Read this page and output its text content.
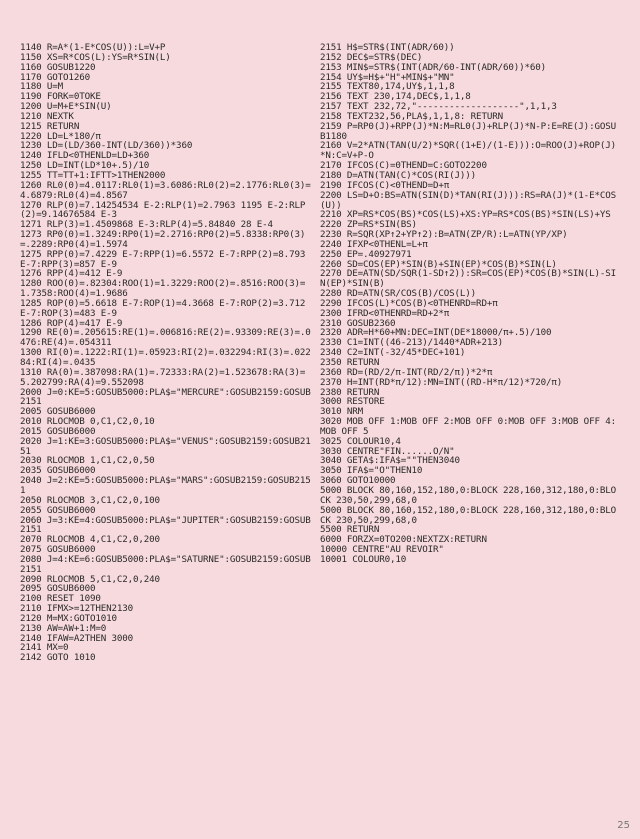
1140 R=A*(1-E*COS(U)):L=V+P
1150 XS=R*COS(L):YS=R*SIN(L)
1160 GOSUB1220
1170 GOTO1260
1180 U=M
1190 FORK=0TOKE
1200 U=M+E*SIN(U)
1210 NEXTK
1215 RETURN
1220 LD=L*180/π
1230 LD=(LD/360-INT(LD/360))*360
1240 IFLD<0THENLD=LD+360
1250 LD=INT(LD*10+.5)/10
1255 TT=TT+1:IFTT>1THEN2000
1260 RL0(0)=4.0117:RL0(1)=3.6086:RL0(2)=2.1776:RL0(3)=4.6879:RL0(4)=4.8567
1270 RLP(0)=7.14254534 E-2:RLP(1)=2.7963 1195 E-2:RLP(2)=9.14676584 E-3
1271 RLP(3)=1.4509868 E-3:RLP(4)=5.84840 28 E-4
1273 RP0(0)=1.3249:RP0(1)=2.2716:RP0(2)=5.8338:RP0(3)=.2289:RP0(4)=1.5974
1275 RPP(0)=7.4229 E-7:RPP(1)=6.5572 E-7:RPP(2)=8.793 E-7:RPP(3)=857 E-9
1276 RPP(4)=412 E-9
1280 ROO(0)=.82304:ROO(1)=1.3229:ROO(2)=.8516:ROO(3)=1.7358:ROO(4)=1.9686
1285 ROP(0)=5.6618 E-7:ROP(1)=4.3668 E-7:ROP(2)=3.712 E-7:ROP(3)=483 E-9
1286 ROP(4)=417 E-9
1290 RE(0)=.205615:RE(1)=.006816:RE(2)=.93309:RE(3)=.0476:RE(4)=.054311
1300 RI(0)=.1222:RI(1)=.05923:RI(2)=.032294:RI(3)=.02284:RI(4)=.0435
1310 RA(0)=.387098:RA(1)=.72333:RA(2)=1.523678:RA(3)=5.202799:RA(4)=9.552098
2000 J=0:KE=5:GOSUB5000:PLA$="MERCURE":GOSUB2159:GOSUB2151
2005 GOSUB6000
2010 RLOCMOB 0,C1,C2,0,10
2015 GOSUB6000
2020 J=1:KE=3:GOSUB5000:PLA$="VENUS":GOSUB2159:GOSUB2151
2030 RLOCMOB 1,C1,C2,0,50
2035 GOSUB6000
2040 J=2:KE=5:GOSUB5000:PLA$="MARS":GOSUB2159:GOSUB2151
2050 RLOCMOB 3,C1,C2,0,100
2055 GOSUB6000
2060 J=3:KE=4:GOSUB5000:PLA$="JUPITER":GOSUB2159:GOSUB2151
2070 RLOCMOB 4,C1,C2,0,200
2075 GOSUB6000
2080 J=4:KE=6:GOSUB5000:PLA$="SATURNE":GOSUB2159:GOSUB2151
2090 RLOCMOB 5,C1,C2,0,240
2095 GOSUB6000
2100 RESET 1090
2110 IFMX>=12THEN2130
2120 M=MX:GOTO1010
2130 AW=AW+1:M=0
2140 IFAW=A2THEN 3000
2141 MX=0
2142 GOTO 1010
2151 H$=STR$(INT(ADR/60))
2152 DEC$=STR$(DEC)
2153 MIN$=STR$(INT(ADR/60-INT(ADR/60))*60)
2154 UY$=H$+"H"+MIN$+"MN"
2155 TEXT80,174,UY$,1,1,8
2156 TEXT 230,174,DEC$,1,1,8
2157 TEXT 232,72,"-------------------",1,1,3
2158 TEXT232,56,PLA$,1,1,8: RETURN
2159 P=RP0(J)+RPP(J)*N:M=RL0(J)+RLP(J)*N-P:E=RE(J):GOSUB1180
2160 V=2*ATN(TAN(U/2)*SQR((1+E)/(1-E))):O=ROO(J)+ROP(J)*N:C=V+P-O
2170 IFCOS(C)=0THEND=C:GOTO2200
2180 D=ATN(TAN(C)*COS(RI(J)))
2190 IFCOS(C)<0THEND=D+π
2200 LS=D+O:BS=ATN(SIN(D)*TAN(RI(J))):RS=RA(J)*(1-E*COS(U))
2210 XP=RS*COS(BS)*COS(LS)+XS:YP=RS*COS(BS)*SIN(LS)+YS
2220 ZP=RS*SIN(BS)
2230 R=SQR(XP↑2+YP↑2):B=ATN(ZP/R):L=ATN(YP/XP)
2240 IFXP<0THENL=L+π
2250 EP=.40927971
2260 SD=COS(EP)*SIN(B)+SIN(EP)*COS(B)*SIN(L)
2270 DE=ATN(SD/SQR(1-SD↑2)):SR=COS(EP)*COS(B)*SIN(L)-SIN(EP)*SIN(B)
2280 RD=ATN(SR/COS(B)/COS(L))
2290 IFCOS(L)*COS(B)<0THENRD=RD+π
2300 IFRD<0THENRD=RD+2*π
2310 GOSUB2360
2320 ADR=H*60+MN:DEC=INT(DE*18000/π+.5)/100
2330 C1=INT((46-213)/1440*ADR+213)
2340 C2=INT(-32/45*DEC+101)
2350 RETURN
2360 RD=(RD/2/π-INT(RD/2/π))*2*π
2370 H=INT(RD*π/12):MN=INT((RD-H*π/12)*720/π)
2380 RETURN
3000 RESTORE
3010 NRM
3020 MOB OFF 1:MOB OFF 2:MOB OFF 0:MOB OFF 3:MOB OFF 4:MOB OFF 5
3025 COLOUR10,4
3030 CENTRE"FIN......O/N"
3040 GETA$:IFA$=""THEN3040
3050 IFA$="O"THEN10
3060 GOTO10000
5000 BLOCK 80,160,152,180,0:BLOCK 228,160,312,180,0:BLOCK 230,50,299,68,0
5000 BLOCK 80,160,152,180,0:BLOCK 228,160,312,180,0:BLOCK 230,50,299,68,0
5500 RETURN
6000 FORZX=0TO200:NEXTZX:RETURN
10000 CENTRE"AU REVOIR"
10001 COLOUR0,10
25
